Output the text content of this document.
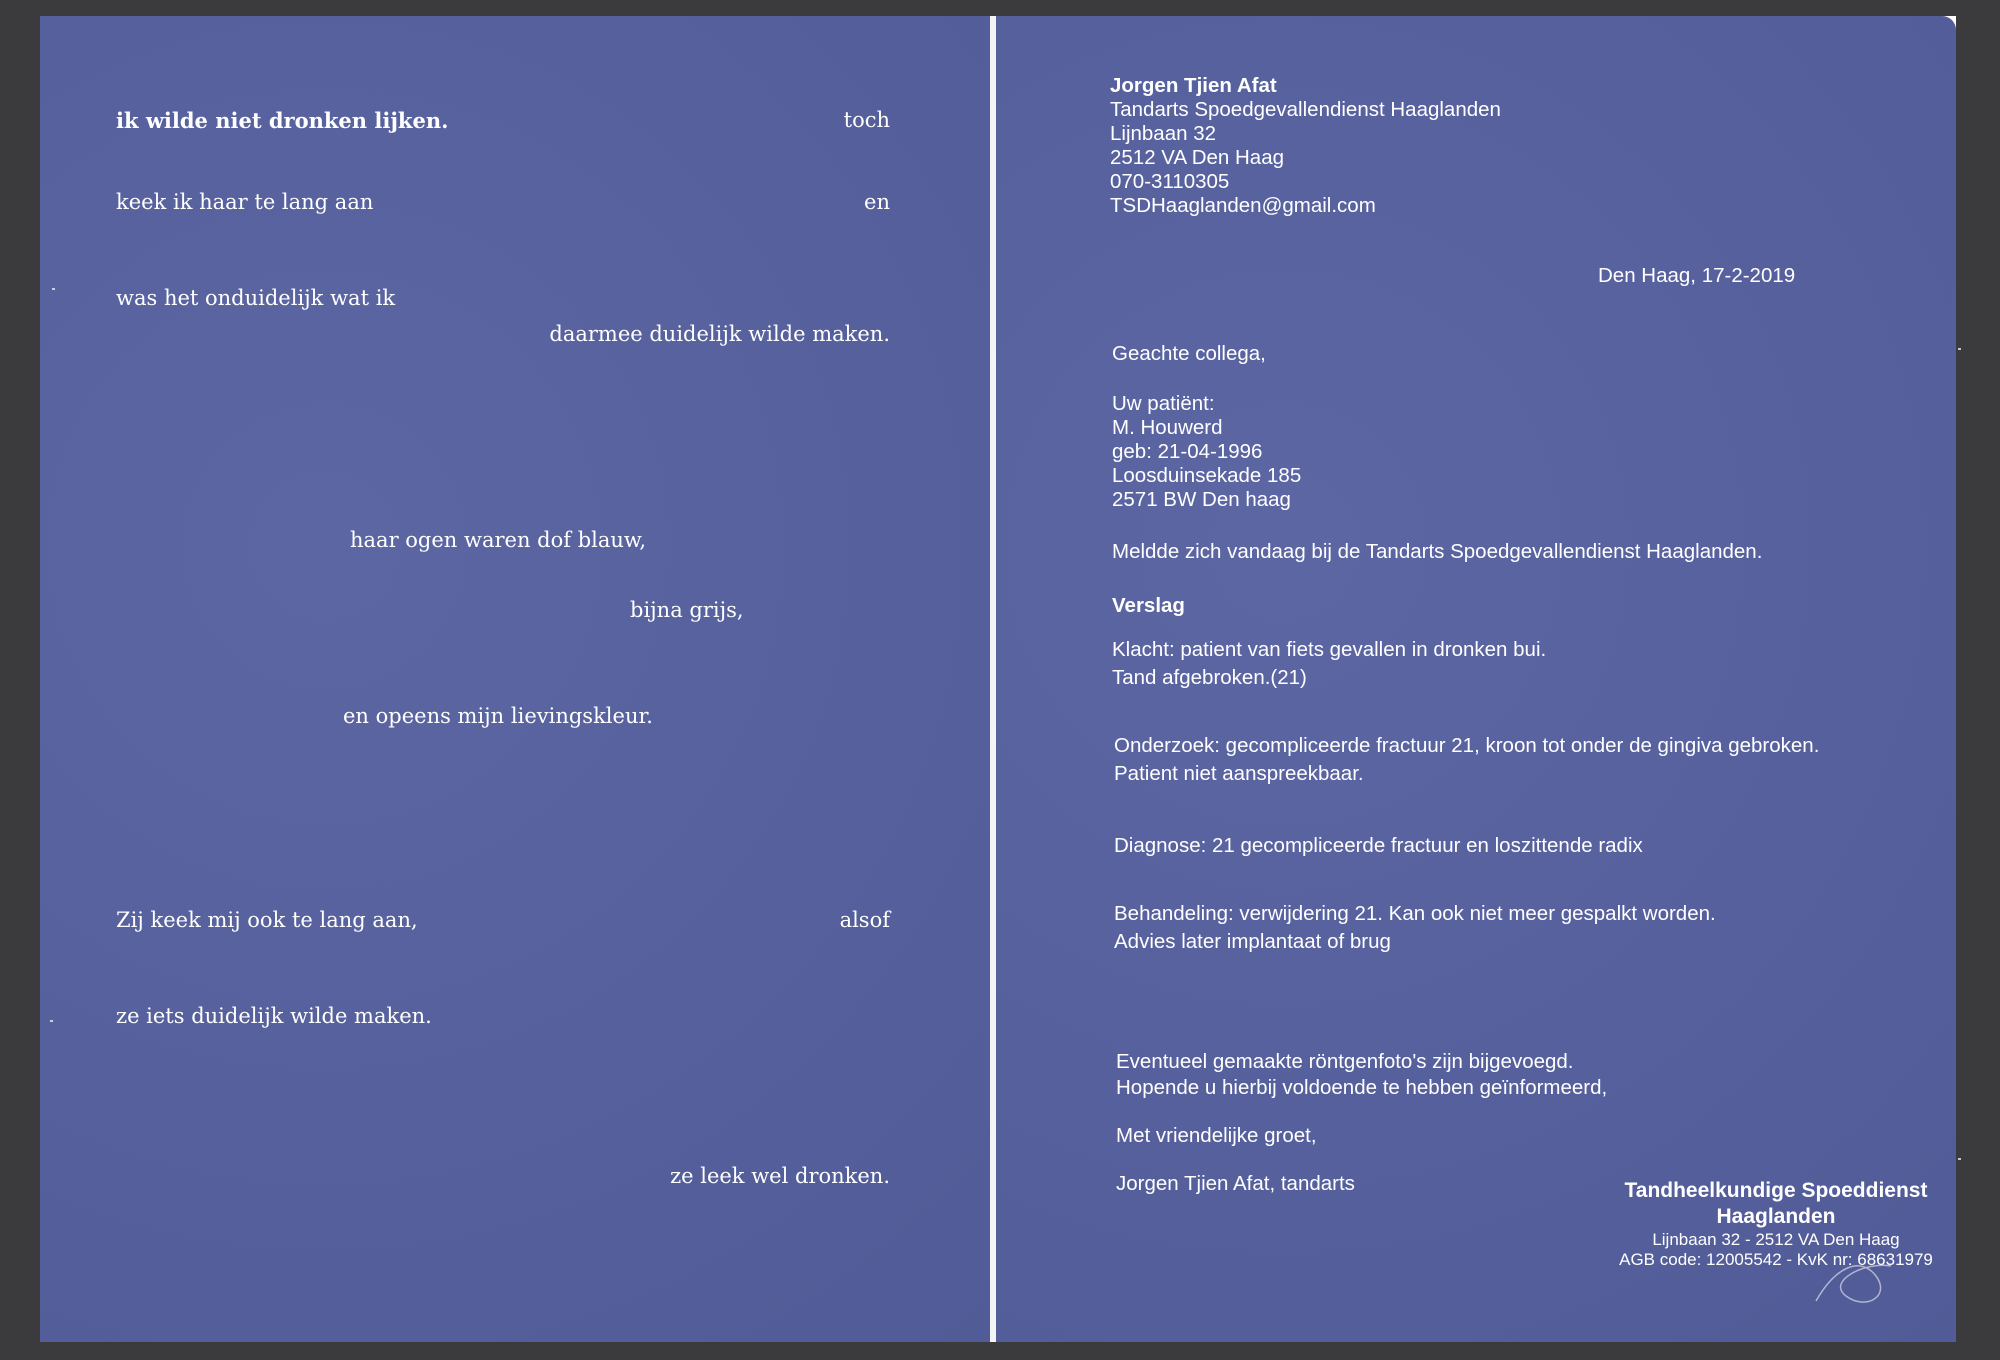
ik wilde niet dronken lijken.	toch
keek ik haar te lang aan	en
was het onduidelijk wat ik
daarmee duidelijk wilde maken.
haar ogen waren dof blauw,
bijna grijs,
en opeens mijn lievingskleur.
Zij keek mij ook te lang aan,	alsof
ze iets duidelijk wilde maken.
ze leek wel dronken.
Jorgen Tjien Afat
Tandarts Spoedgevallendienst Haaglanden
Lijnbaan 32
2512 VA Den Haag
070-3110305
TSDHaaglanden@gmail.com
Den Haag, 17-2-2019
Geachte collega,
Uw patiënt:
M. Houwerd
geb: 21-04-1996
Loosduinsekade 185
2571 BW Den haag
Meldde zich vandaag bij de Tandarts Spoedgevallendienst Haaglanden.
Verslag
Klacht: patient van fiets gevallen in dronken bui.
Tand afgebroken.(21)
Onderzoek: gecompliceerde fractuur 21, kroon tot onder de gingiva gebroken.
Patient niet aanspreekbaar.
Diagnose: 21 gecompliceerde fractuur en loszittende radix
Behandeling: verwijdering 21. Kan ook niet meer gespalkt worden.
Advies later implantaat of brug
Eventueel gemaakte röntgenfoto's zijn bijgevoegd.
Hopende u hierbij voldoende te hebben geïnformeerd,
Met vriendelijke groet,
Jorgen Tjien Afat, tandarts	Tandheelkundige Spoeddienst
Haaglanden
Lijnbaan 32 - 2512 VA Den Haag
AGB code: 12005542 - KvK nr: 68631979
